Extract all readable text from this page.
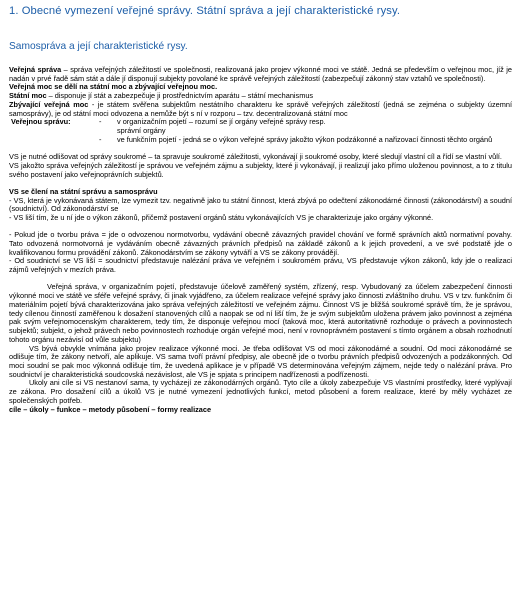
1. Obecné vymezení veřejné správy. Státní správa a její charakteristické rysy.
Samospráva a její charakteristické rysy.

Veřejná správa – správa veřejných záležitostí ve společnosti, realizovaná jako projev výkonné moci ve státě. Jedná se především o veřejnou moc, jíž je nadán v prvé řadě sám stát a dále jí disponují subjekty povolané ke správě veřejných záležitostí (zabezpečují zákonný stav vztahů ve společnosti).

Veřejná moc se dělí na státní moc a zbývající veřejnou moc.

Státní moc – disponuje jí stát a zabezpečuje ji prostřednictvím aparátu – státní mechanismus

Zbývající veřejná moc - je státem svěřena subjektům nestátního charakteru ke správě veřejných záležitostí (jedná se zejména o subjekty územní samosprávy), je od státní moci odvozena a nemůže být s ní v rozporu – tzv. decentralizovaná státní moc

Veřejnou správu:	-	v organizačním pojetí – rozumí se jí orgány veřejné správy resp.
správní orgány
-	ve funkčním pojetí - jedná se o výkon veřejné správy jakožto výkon podzákonné a nařizovací činnosti těchto orgánů

VS je nutné odlišovat od správy soukromé – ta spravuje soukromé záležitosti, vykonávají ji soukromé osoby, které sledují vlastní cíl a řídí se vlastní vůlí.

VS jakožto správa veřejných záležitostí je správou ve veřejném zájmu a subjekty, které ji vykonávají, ji realizují jako přímo uloženou povinnost, a to z titulu svého postavení jako veřejnoprávních subjektů.

VS se člení na státní správu a samosprávu

- VS, která je vykonávaná státem, lze vymezit tzv. negativně jako tu státní činnost, která zbývá po odečtení zákonodárné činnosti (zákonodárství) a soudní (soudnictví). Od zákonodárství se

- VS liší tím, že u ní jde o výkon zákonů, přičemž postavení orgánů státu vykonávajících VS je charakterizuje jako orgány výkonné.

- Pokud jde o tvorbu práva = jde o odvozenou normotvorbu, vydávání obecně závazných pravidel chování ve formě správních aktů normativní povahy. Tato odvozená normotvorná je vydáváním obecně závazných právních předpisů na základě zákonů a k jejich provedení, a ve své podstatě jde o kvalifikovanou formu provádění zákonů. Zákonodárstvím se zákony vytváří a VS se zákony provádějí.

- Od soudnictví se VS liší = soudnictví představuje nalézání práva ve veřejném i soukromém právu, VS představuje výkon zákonů, kdy jde o realizaci zájmů veřejných v mezích práva.

Veřejná správa, v organizačním pojetí, představuje účelově zaměřený systém, zřízený, resp. Vybudovaný za účelem zabezpečení činnosti výkonné moci ve státě ve sféře veřejné správy, či jinak vyjádřeno, za účelem realizace veřejné správy jako činnosti zvláštního druhu. VS v tzv. funkčním či materiálním pojetí bývá charakterizována jako správa veřejných záležitostí ve veřejném zájmu. Činnost VS je bližšá soukromé správě tím, že je správou, tedy cílenou činností zaměřenou k dosažení stanovených cílů a naopak se od ní liší tím, že je svým subjektům uložena právem jako povinnost a zejména pak svým veřejnomocenským charakterem, tedy tím, že disponuje veřejnou mocí (taková moc, která autoritativně rozhoduje o právech a povinnostech subjektů; subjekt, o jehož právech nebo povinnostech rozhoduje orgán veřejné moci, není v rovnoprávném postavení s tímto orgánem a obsah rozhodnutí tohoto orgánu nezávisí od vůle subjektu)

VS bývá obvykle vnímána jako projev realizace výkonné moci. Je třeba odlišovat VS od moci zákonodárné a soudní. Od moci zákonodárné se odlišuje tím, že zákony netvoří, ale aplikuje. VS sama tvoří právní předpisy, ale obecně jde o tvorbu právních předpisů odvozených a podzákonných. Od moci soudní se pak moc výkonná odlišuje tím, že uvedená aplikace je v případě VS determinována veřejným zájmem, nejde tedy o nalézání práva. Pro soudnictví je charakteristická soudcovská nezávislost, ale VS je spjata s principem nadřízenosti a podřízenosti.

Ukoly ani cíle si VS nestanoví sama, ty vycházejí ze zákonodárných orgánů. Tyto cíle a úkoly zabezpečuje VS vlastními prostředky, které vyplývají ze zákona. Pro dosažení cílů a úkolů VS je nutné vymezení jednotlivých funkcí, metod působení a forem realizace, které by měly vycházet ze společenských potřeb.

cíle – úkoly – funkce – metody působení – formy realizace
